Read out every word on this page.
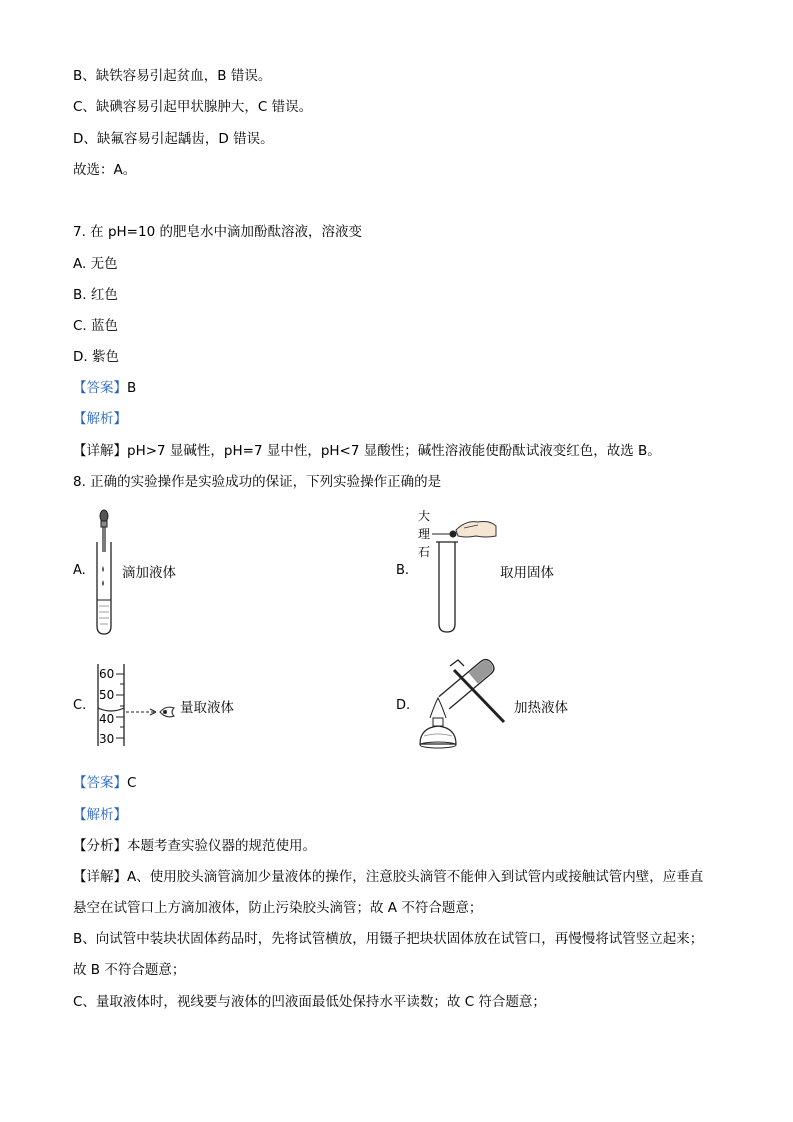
B、缺铁容易引起贫血，B 错误。
C、缺碘容易引起甲状腺肿大，C 错误。
D、缺氟容易引起龋齿，D 错误。
故选：A。
7. 在 pH=10 的肥皂水中滴加酚酞溶液，溶液变
A. 无色
B. 红色
C. 蓝色
D. 紫色
【答案】B
【解析】
【详解】pH>7 显碱性，pH=7 显中性，pH<7 显酸性；碱性溶液能使酚酞试液变红色，故选 B。
8. 正确的实验操作是实验成功的保证，下列实验操作正确的是
A.	滴加液体	B.
大
理
石
取用固体
C.
60
50
40
30
量取液体	D.	加热液体
【答案】C
【解析】
【分析】本题考查实验仪器的规范使用。
【详解】A、使用胶头滴管滴加少量液体的操作，注意胶头滴管不能伸入到试管内或接触试管内壁，应垂直
悬空在试管口上方滴加液体，防止污染胶头滴管；故 A 不符合题意；
B、向试管中装块状固体药品时，先将试管横放，用镊子把块状固体放在试管口，再慢慢将试管竖立起来；
故 B 不符合题意；
C、量取液体时，视线要与液体的凹液面最低处保持水平读数；故 C 符合题意；
